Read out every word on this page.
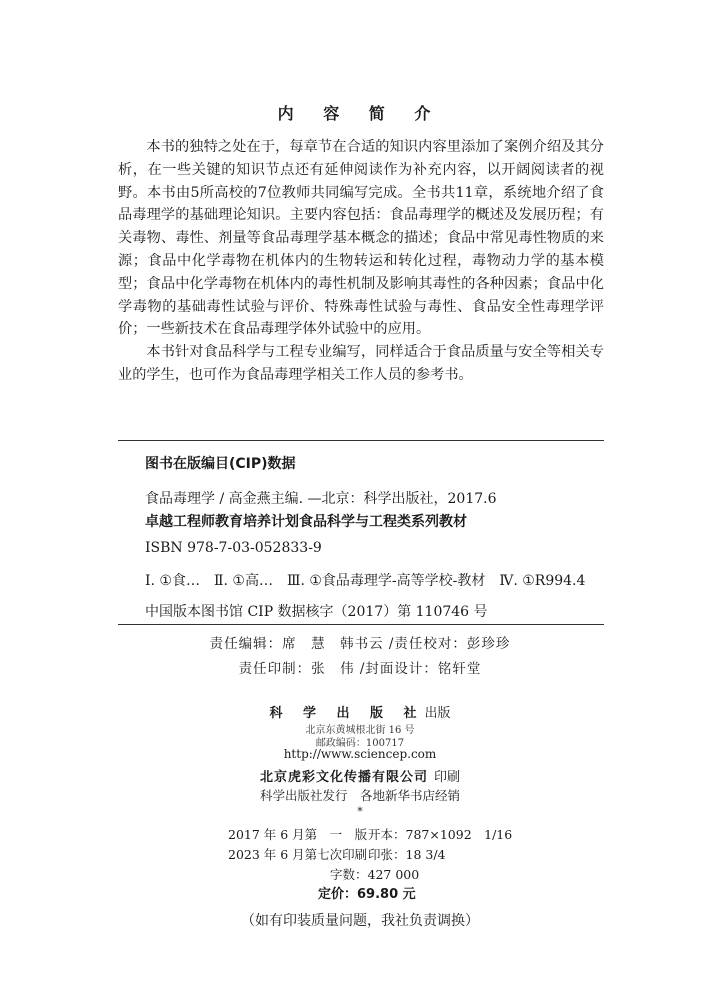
内 容 简 介

本书的独特之处在于，每章节在合适的知识内容里添加了案例介绍及其分析，在一些关键的知识节点还有延伸阅读作为补充内容，以开阔阅读者的视野。本书由5所高校的7位教师共同编写完成。全书共11章，系统地介绍了食品毒理学的基础理论知识。主要内容包括：食品毒理学的概述及发展历程；有关毒物、毒性、剂量等食品毒理学基本概念的描述；食品中常见毒性物质的来源；食品中化学毒物在机体内的生物转运和转化过程，毒物动力学的基本模型；食品中化学毒物在机体内的毒性机制及影响其毒性的各种因素；食品中化学毒物的基础毒性试验与评价、特殊毒性试验与毒性、食品安全性毒理学评价；一些新技术在食品毒理学体外试验中的应用。

本书针对食品科学与工程专业编写，同样适合于食品质量与安全等相关专业的学生，也可作为食品毒理学相关工作人员的参考书。

图书在版编目(CIP)数据
食品毒理学 / 高金燕主编. —北京：科学出版社，2017.6
卓越工程师教育培养计划食品科学与工程类系列教材
ISBN 978-7-03-052833-9
Ⅰ. ①食…　Ⅱ. ①高…　Ⅲ. ①食品毒理学-高等学校-教材　Ⅳ. ①R994.4
中国版本图书馆 CIP 数据核字（2017）第 110746 号
责任编辑：席　慧　韩书云 /责任校对：彭珍珍
责任印制：张　伟 /封面设计：铭轩堂
科 学 出 版 社出版
北京东黄城根北街 16 号
邮政编码：100717
http://www.sciencep.com
北京虎彩文化传播有限公司 印刷
科学出版社发行　各地新华书店经销
*
2017 年 6 月第　一　版开本：787×1092　1/16
2023 年 6 月第七次印刷印张：18 3/4
字数：427 000
定价：69.80 元
（如有印装质量问题，我社负责调换）
